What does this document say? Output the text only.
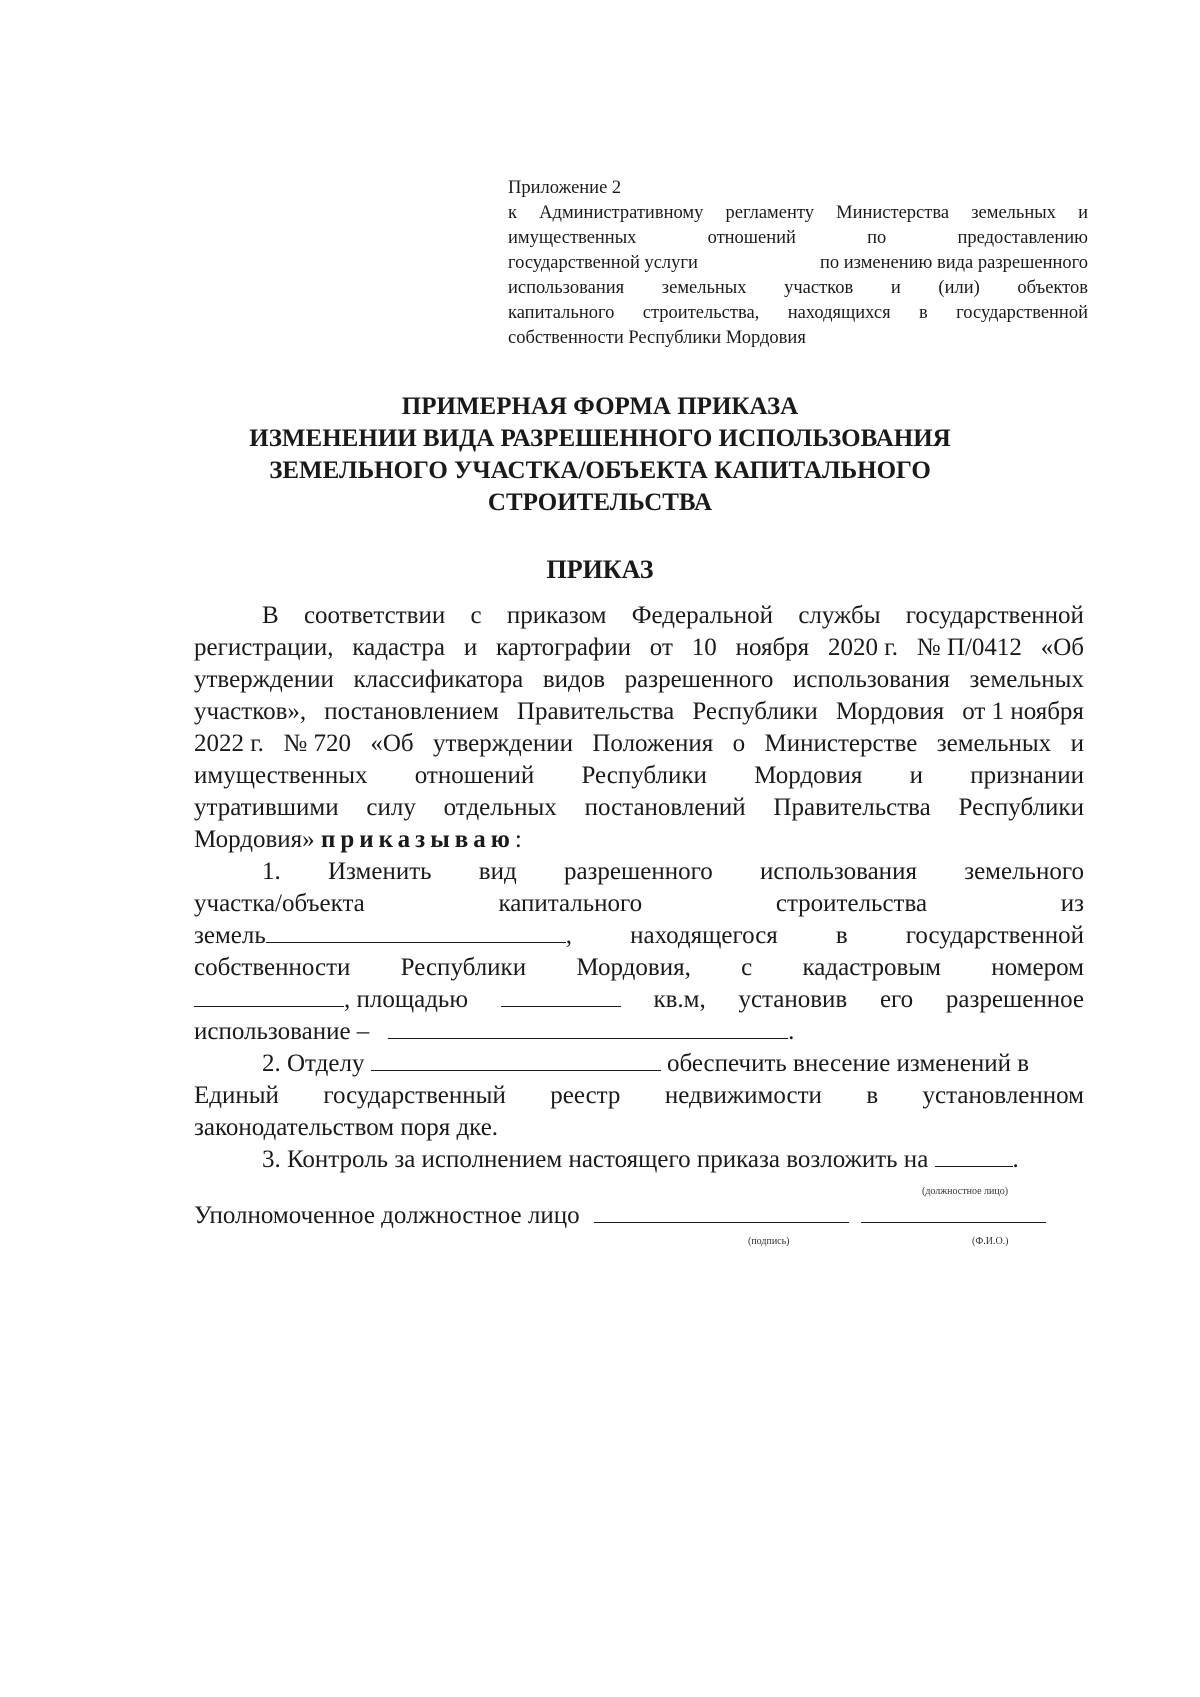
Приложение 2
к Административному регламенту Министерства земельных и
имущественных	отношений	по	предоставлению
государственной услуги	по изменению вида разрешенного
использования земельных участков и (или) объектов
капитального строительства, находящихся в государственной
собственности Республики Мордовия
ПРИМЕРНАЯ ФОРМА ПРИКАЗА
ИЗМЕНЕНИИ ВИДА РАЗРЕШЕННОГО ИСПОЛЬЗОВАНИЯ
ЗЕМЕЛЬНОГО УЧАСТКА/ОБЪЕКТА КАПИТАЛЬНОГО
СТРОИТЕЛЬСТВА
ПРИКАЗ
В соответствии с приказом Федеральной службы государственной
регистрации, кадастра и картографии от 10 ноября 2020 г. № П/0412 «Об
утверждении классификатора видов разрешенного использования земельных
участков», постановлением Правительства Республики Мордовия от 1 ноября
2022 г. № 720 «Об утверждении Положения о Министерстве земельных и
имущественных отношений Республики Мордовия и признании
утратившими силу отдельных постановлений Правительства Республики
Мордовия» приказываю:
1. Изменить вид разрешенного использования земельного
участка/объекта	капитального	строительства	из
земель	, находящегося в государственной
собственности Республики Мордовия, с кадастровым номером
, площадью	кв.м, установив его разрешенное
использование –	.
2. Отделу	обеспечить внесение изменений в
Единый государственный реестр недвижимости в установленном
законодательством поря дке.
3. Контроль за исполнением настоящего приказа возложить на	.
(должностное лицо)
Уполномоченное должностное лицо
(подпись)	(Ф.И.О.)
